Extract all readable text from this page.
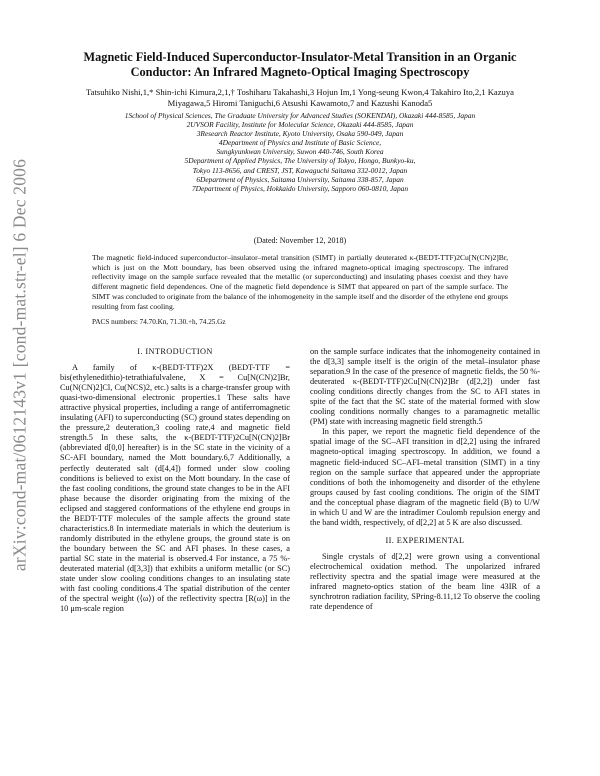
arXiv:cond-mat/0612143v1 [cond-mat.str-el] 6 Dec 2006
Magnetic Field-Induced Superconductor-Insulator-Metal Transition in an Organic Conductor: An Infrared Magneto-Optical Imaging Spectroscopy
Tatsuhiko Nishi,1,* Shin-ichi Kimura,2,1,† Toshiharu Takahashi,3 Hojun Im,1 Yong-seung Kwon,4 Takahiro Ito,2,1 Kazuya Miyagawa,5 Hiromi Taniguchi,6 Atsushi Kawamoto,7 and Kazushi Kanoda5
1School of Physical Sciences, The Graduate University for Advanced Studies (SOKENDAI), Okazaki 444-8585, Japan
2UVSOR Facility, Institute for Molecular Science, Okazaki 444-8585, Japan
3Research Reactor Institute, Kyoto University, Osaka 590-049, Japan
4Department of Physics and Institute of Basic Science,
Sungkyunkwan University, Suwon 440-746, South Korea
5Department of Applied Physics, The University of Tokyo, Hongo, Bunkyo-ku,
Tokyo 113-8656, and CREST, JST, Kawaguchi Saitama 332-0012, Japan
6Department of Physics, Saitama University, Saitama 338-857, Japan
7Department of Physics, Hokkaido University, Sapporo 060-0810, Japan
(Dated: November 12, 2018)
The magnetic field-induced superconductor–insulator–metal transition (SIMT) in partially deuterated κ-(BEDT-TTF)2Cu[N(CN)2]Br, which is just on the Mott boundary, has been observed using the infrared magneto-optical imaging spectroscopy. The infrared reflectivity image on the sample surface revealed that the metallic (or superconducting) and insulating phases coexist and they have different magnetic field dependences. One of the magnetic field dependence is SIMT that appeared on part of the sample surface. The SIMT was concluded to originate from the balance of the inhomogeneity in the sample itself and the disorder of the ethylene end groups resulting from fast cooling.
PACS numbers: 74.70.Kn, 71.30.+h, 74.25.Gz
I. INTRODUCTION

A family of κ-(BEDT-TTF)2X (BEDT-TTF = bis(ethylenedithio)-tetrathiafulvalene, X = Cu[N(CN)2]Br, Cu(N(CN)2]Cl, Cu(NCS)2, etc.) salts is a charge-transfer group with quasi-two-dimensional electronic properties.1 These salts have attractive physical properties, including a range of antiferromagnetic insulating (AFI) to superconducting (SC) ground states depending on the pressure,2 deuteration,3 cooling rate,4 and magnetic field strength.5 In these salts, the κ-(BEDT-TTF)2Cu[N(CN)2]Br (abbreviated d[0,0] hereafter) is in the SC state in the vicinity of a SC-AFI boundary, named the Mott boundary.6,7 Additionally, a perfectly deuterated salt (d[4,4]) formed under slow cooling conditions is believed to exist on the Mott boundary. In the case of the fast cooling conditions, the ground state changes to be in the AFI phase because the disorder originating from the mixing of the eclipsed and staggered conformations of the ethylene end groups in the BEDT-TTF molecules of the sample affects the ground state characteristics.8 In intermediate materials in which the deuterium is randomly distributed in the ethylene groups, the ground state is on the boundary between the SC and AFI phases. In these cases, a partial SC state in the material is observed.4 For instance, a 75 %-deuterated material (d[3,3]) that exhibits a uniform metallic (or SC) state under slow cooling conditions changes to an insulating state with fast cooling conditions.4 The spatial distribution of the center of the spectral weight (⟨ω⟩) of the reflectivity spectra [R(ω)] in the 10 μm-scale region

on the sample surface indicates that the inhomogeneity contained in the d[3,3] sample itself is the origin of the metal–insulator phase separation.9 In the case of the presence of magnetic fields, the 50 %-deuterated κ-(BEDT-TTF)2Cu[N(CN)2]Br (d[2,2]) under fast cooling conditions directly changes from the SC to AFI states in spite of the fact that the SC state of the material formed with slow cooling conditions normally changes to a paramagnetic metallic (PM) state with increasing magnetic field strength.5

In this paper, we report the magnetic field dependence of the spatial image of the SC–AFI transition in d[2,2] using the infrared magneto-optical imaging spectroscopy. In addition, we found a magnetic field-induced SC–AFI–metal transition (SIMT) in a tiny region on the sample surface that appeared under the appropriate conditions of both the inhomogeneity and disorder of the ethylene groups caused by fast cooling conditions. The origin of the SIMT and the conceptual phase diagram of the magnetic field (B) to U/W in which U and W are the intradimer Coulomb repulsion energy and the band width, respectively, of d[2,2] at 5 K are also discussed.

II. EXPERIMENTAL

Single crystals of d[2,2] were grown using a conventional electrochemical oxidation method. The unpolarized infrared reflectivity spectra and the spatial image were measured at the infrared magneto-optics station of the beam line 43IR of a synchrotron radiation facility, SPring-8.11,12 To observe the cooling rate dependence of
